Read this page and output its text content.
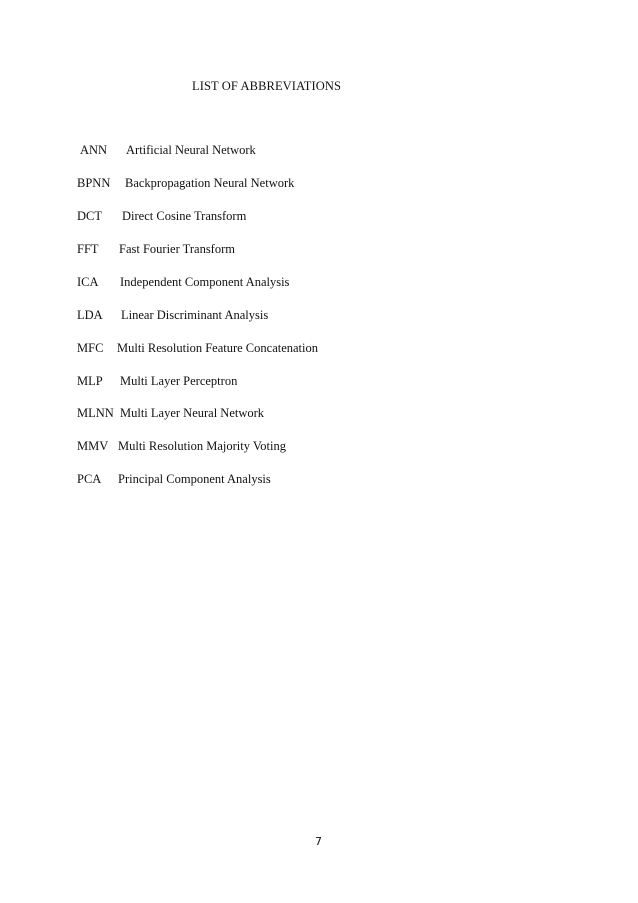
LIST OF ABBREVIATIONS
ANN Artificial Neural Network
BPNN Backpropagation Neural Network
DCT Direct Cosine Transform
FFT Fast Fourier Transform
ICA Independent Component Analysis
LDA Linear Discriminant Analysis
MFC Multi Resolution Feature Concatenation
MLP Multi Layer Perceptron
MLNN Multi Layer Neural Network
MMV Multi Resolution Majority Voting
PCA Principal Component Analysis
7
